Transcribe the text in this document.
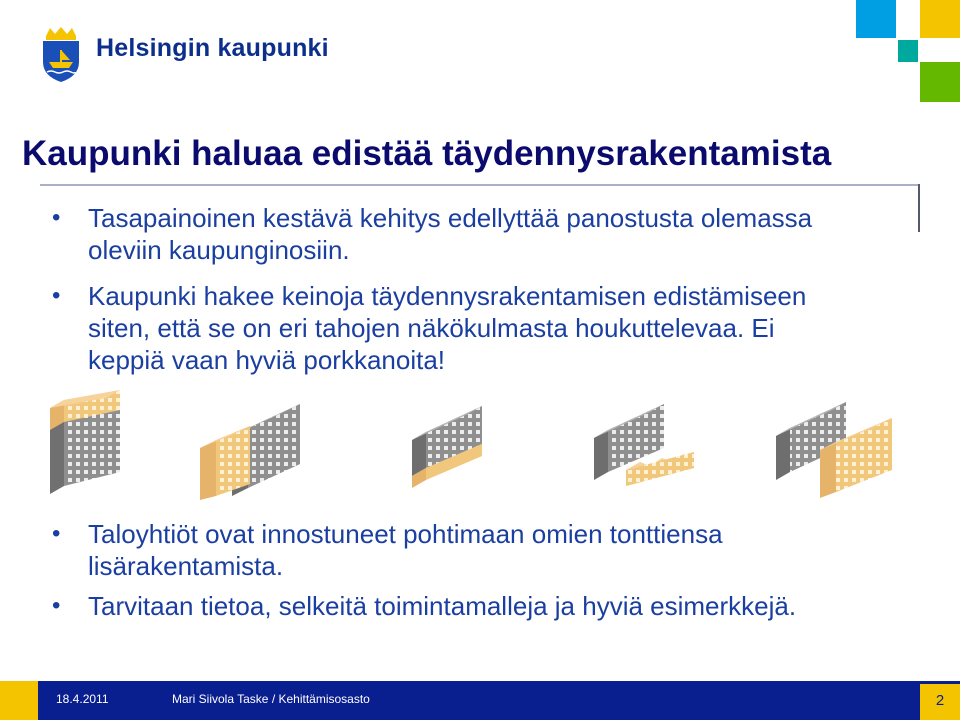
Helsingin kaupunki
Kaupunki haluaa edistää täydennysrakentamista
• Tasapainoinen kestävä kehitys edellyttää panostusta olemassa oleviin kaupunginosiin.
• Kaupunki hakee keinoja täydennysrakentamisen edistämiseen siten, että se on eri tahojen näkökulmasta houkuttelevaa. Ei keppiä vaan hyviä porkkanoita!
• Taloyhtiöt ovat innostuneet pohtimaan omien tonttiensa lisärakentamista.
• Tarvitaan tietoa, selkeitä toimintamalleja ja hyviä esimerkkejä.
18.4.2011	Mari Siivola Taske / Kehittämisosasto	2
